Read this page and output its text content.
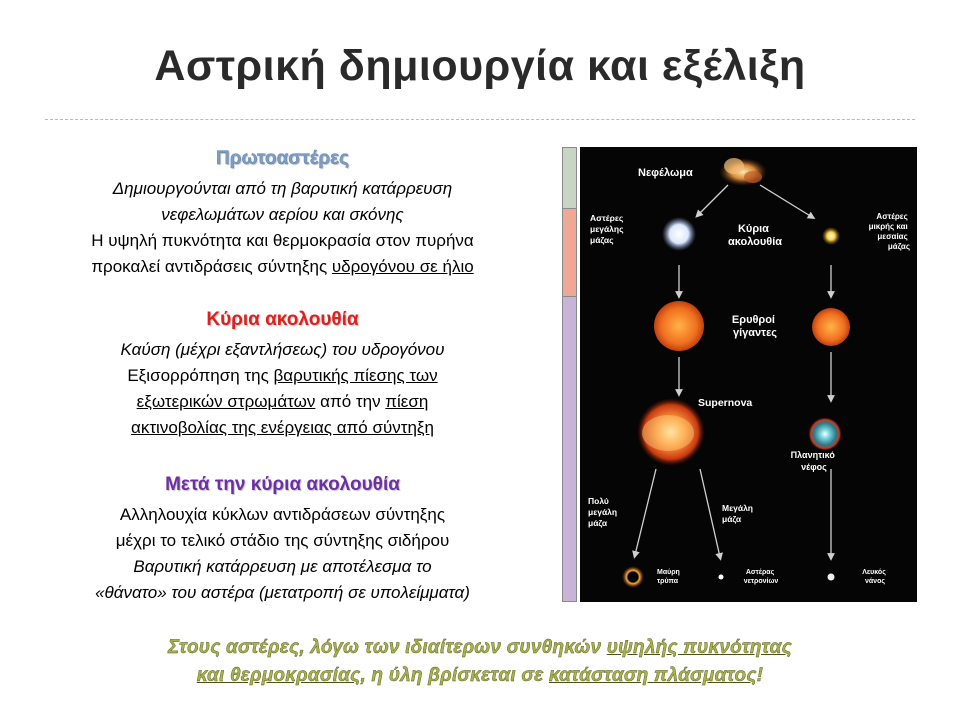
Αστρική δημιουργία και εξέλιξη
Πρωτοαστέρες
Δημιουργούνται από τη βαρυτική κατάρρευση
νεφελωμάτων αερίου και σκόνης
Η υψηλή πυκνότητα και θερμοκρασία στον πυρήνα
προκαλεί αντιδράσεις σύντηξης υδρογόνου σε ήλιο
Κύρια ακολουθία
Καύση (μέχρι εξαντλήσεως) του υδρογόνου
Εξισορρόπηση της βαρυτικής πίεσης των
εξωτερικών στρωμάτων από την πίεση
ακτινοβολίας της ενέργειας από σύντηξη
Μετά την κύρια ακολουθία
Αλληλουχία κύκλων αντιδράσεων σύντηξης
μέχρι το τελικό στάδιο της σύντηξης σιδήρου
Βαρυτική κατάρρευση με αποτέλεσμα το
«θάνατο» του αστέρα (μετατροπή σε υπολείμματα)
Νεφέλωμα
Αστέρες μεγάλης μάζας
Κύρια ακολουθία
Αστέρες μικρής και μεσαίας μάζας
Ερυθροί γίγαντες
Supernova
Πλανητικό νέφος
Πολύ μεγάλη μάζα
Μεγάλη μάζα
Μαύρη τρύπα
Αστέρας νετρονίων
Λευκός νάνος
Στους αστέρες, λόγω των ιδιαίτερων συνθηκών υψηλής πυκνότητας
και θερμοκρασίας, η ύλη βρίσκεται σε κατάσταση πλάσματος!
